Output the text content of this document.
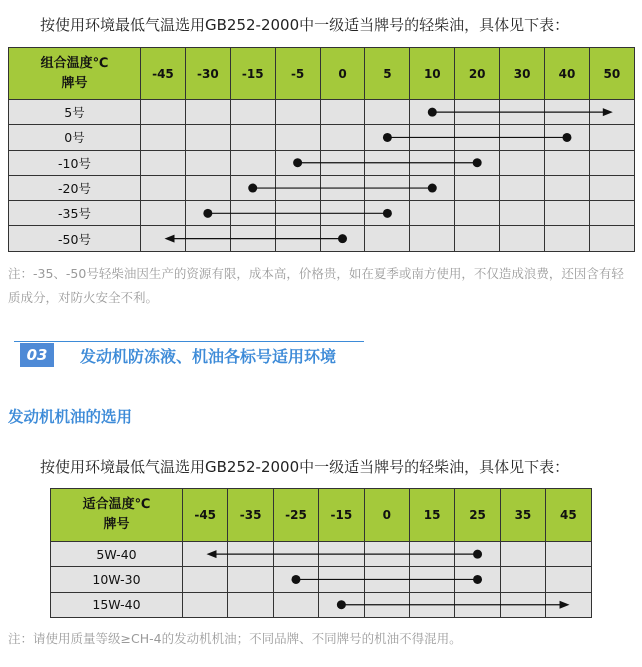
按使用环境最低气温选用GB252-2000中一级适当牌号的轻柴油，具体见下表：
组合温度℃
牌号	-45	-30	-15	-5	0	5	10	20	30	40	50
5号											
0号											
-10号											
-20号											
-35号											
-50号											
注：-35、-50号轻柴油因生产的资源有限，成本高，价格贵，如在夏季或南方使用，不仅造成浪费，还因含有轻质成分，对防火安全不利。
03	发动机防冻液、机油各标号适用环境
发动机机油的选用
按使用环境最低气温选用GB252-2000中一级适当牌号的轻柴油，具体见下表：
适合温度℃
牌号	-45	-35	-25	-15	0	15	25	35	45
5W-40									
10W-30									
15W-40									
注：请使用质量等级≥CH-4的发动机机油；不同品牌、不同牌号的机油不得混用。
